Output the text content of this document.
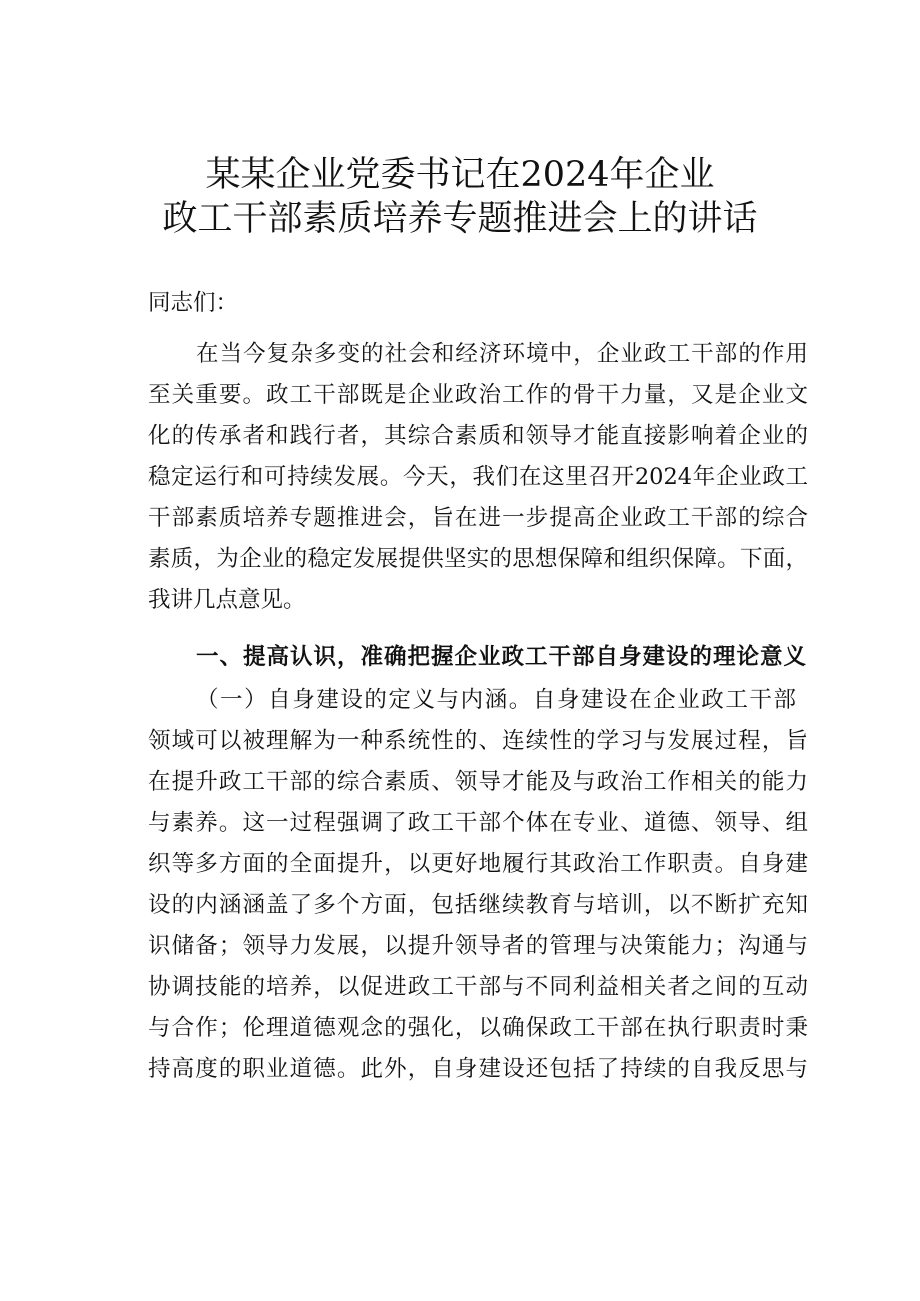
某某企业党委书记在2024年企业
政工干部素质培养专题推进会上的讲话
同志们：
在当今复杂多变的社会和经济环境中，企业政工干部的作用
至关重要。政工干部既是企业政治工作的骨干力量，又是企业文
化的传承者和践行者，其综合素质和领导才能直接影响着企业的
稳定运行和可持续发展。今天，我们在这里召开2024年企业政工
干部素质培养专题推进会，旨在进一步提高企业政工干部的综合
素质，为企业的稳定发展提供坚实的思想保障和组织保障。下面，
我讲几点意见。
一、提高认识，准确把握企业政工干部自身建设的理论意义
（一）自身建设的定义与内涵。自身建设在企业政工干部
领域可以被理解为一种系统性的、连续性的学习与发展过程，旨
在提升政工干部的综合素质、领导才能及与政治工作相关的能力
与素养。这一过程强调了政工干部个体在专业、道德、领导、组
织等多方面的全面提升，以更好地履行其政治工作职责。自身建
设的内涵涵盖了多个方面，包括继续教育与培训，以不断扩充知
识储备；领导力发展，以提升领导者的管理与决策能力；沟通与
协调技能的培养，以促进政工干部与不同利益相关者之间的互动
与合作；伦理道德观念的强化，以确保政工干部在执行职责时秉
持高度的职业道德。此外，自身建设还包括了持续的自我反思与
